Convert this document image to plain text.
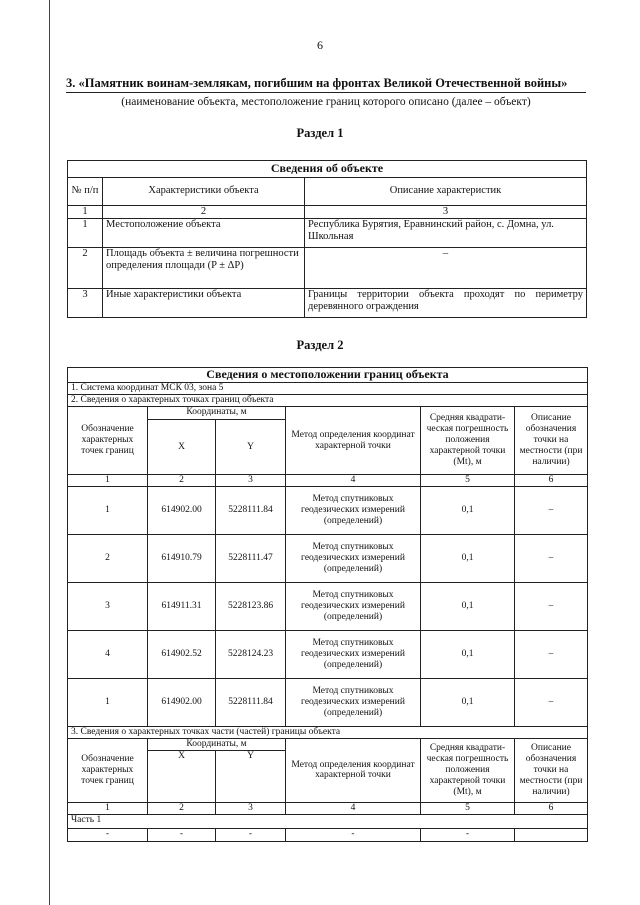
6
3. «Памятник воинам-землякам, погибшим на фронтах Великой Отечественной войны»
(наименование объекта, местоположение границ которого описано (далее – объект)
Раздел 1
Сведения об объекте		
№ п/п	Характеристики объекта	Описание характеристик
1	2	3
1	Местоположение объекта	Республика Бурятия, Еравнинский район, с. Домна, ул. Школьная
2	Площадь объекта ± величина погрешности определения площади (P ± ΔP)	–
3	Иные характеристики объекта	Границы территории объекта проходят по периметру деревянного ограждения
Раздел 2
Сведения о местоположении границ объекта					
1. Система координат МСК 03, зона 5					
2. Сведения о характерных точках границ объекта					
Обозначение характерных точек границ	Координаты, м		Метод определения координат характерной точки	Средняя квадрати-ческая погрешность положения характерной точки (Mt), м	Описание обозначения точки на местности (при наличии)
	X	Y			
1	2	3	4	5	6
1	614902.00	5228111.84	Метод спутниковых геодезических измерений (определений)	0,1	–
2	614910.79	5228111.47	Метод спутниковых геодезических измерений (определений)	0,1	–
3	614911.31	5228123.86	Метод спутниковых геодезических измерений (определений)	0,1	–
4	614902.52	5228124.23	Метод спутниковых геодезических измерений (определений)	0,1	–
1	614902.00	5228111.84	Метод спутниковых геодезических измерений (определений)	0,1	–
3. Сведения о характерных точках части (частей) границы объекта					
Обозначение характерных точек границ	Координаты, м		Метод определения координат характерной точки	Средняя квадрати-ческая погрешность положения характерной точки (Mt), м	Описание обозначения точки на местности (при наличии)
	X	Y			
1	2	3	4	5	6
Часть 1					
-	-	-	-	-	
